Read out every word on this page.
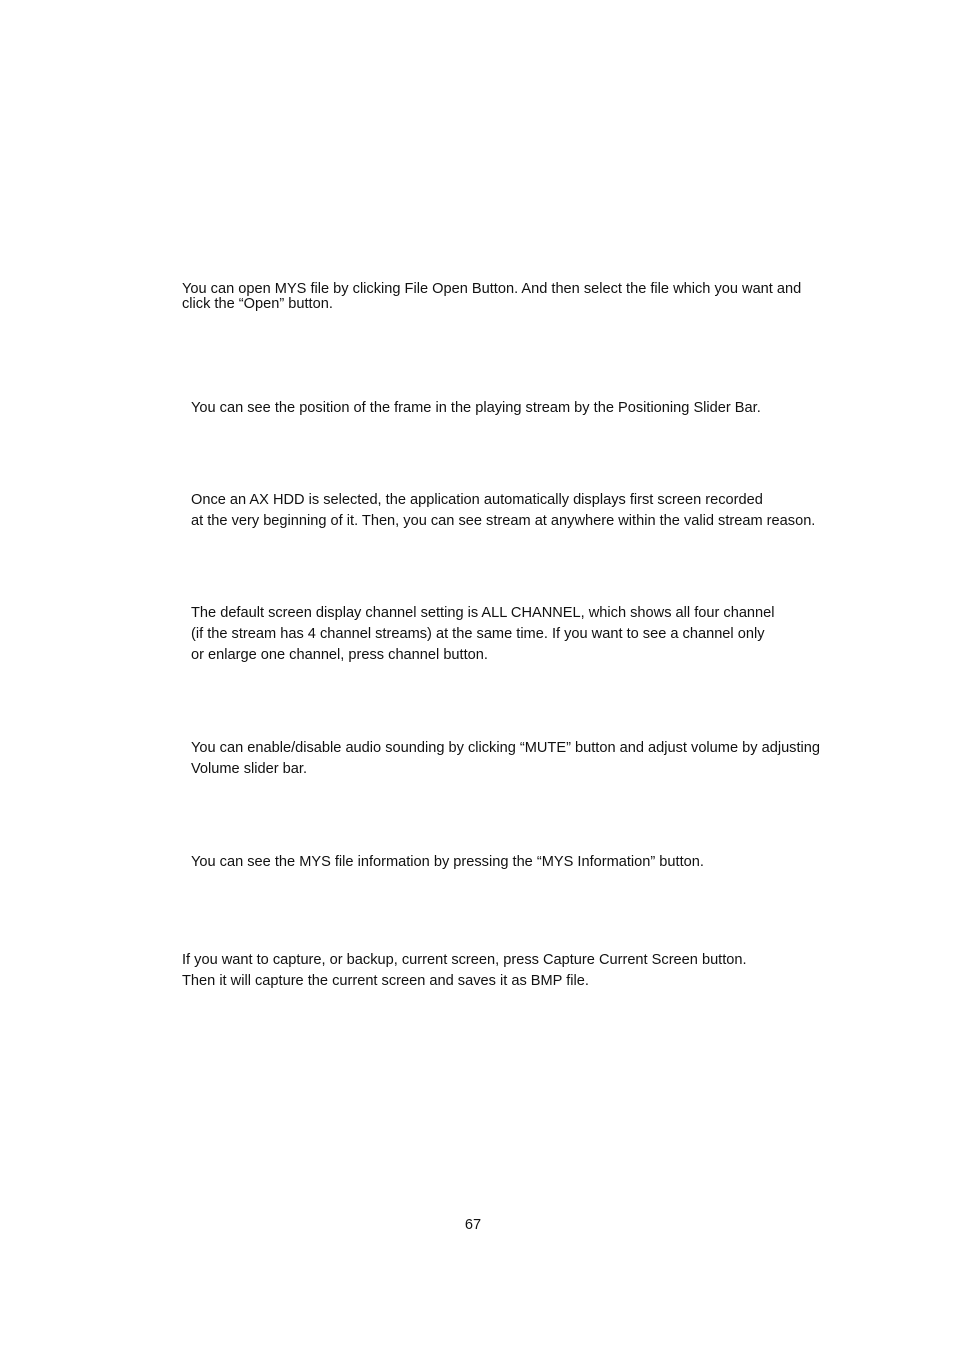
You can open MYS file by clicking File Open Button. And then select the file which you want and
click the “Open” button.

You can see the position of the frame in the playing stream by the Positioning Slider Bar.

Once an AX HDD is selected, the application automatically displays first screen recorded
at the very beginning of it. Then, you can see stream at anywhere within the valid stream reason.

The default screen display channel setting is ALL CHANNEL, which shows all four channel
(if the stream has 4 channel streams) at the same time. If you want to see a channel only
or enlarge one channel, press channel button.

You can enable/disable audio sounding by clicking “MUTE” button and adjust volume by adjusting
Volume slider bar.

You can see the MYS file information by pressing the “MYS Information” button.

If you want to capture, or backup, current screen, press Capture Current Screen button.
Then it will capture the current screen and saves it as BMP file.

67
